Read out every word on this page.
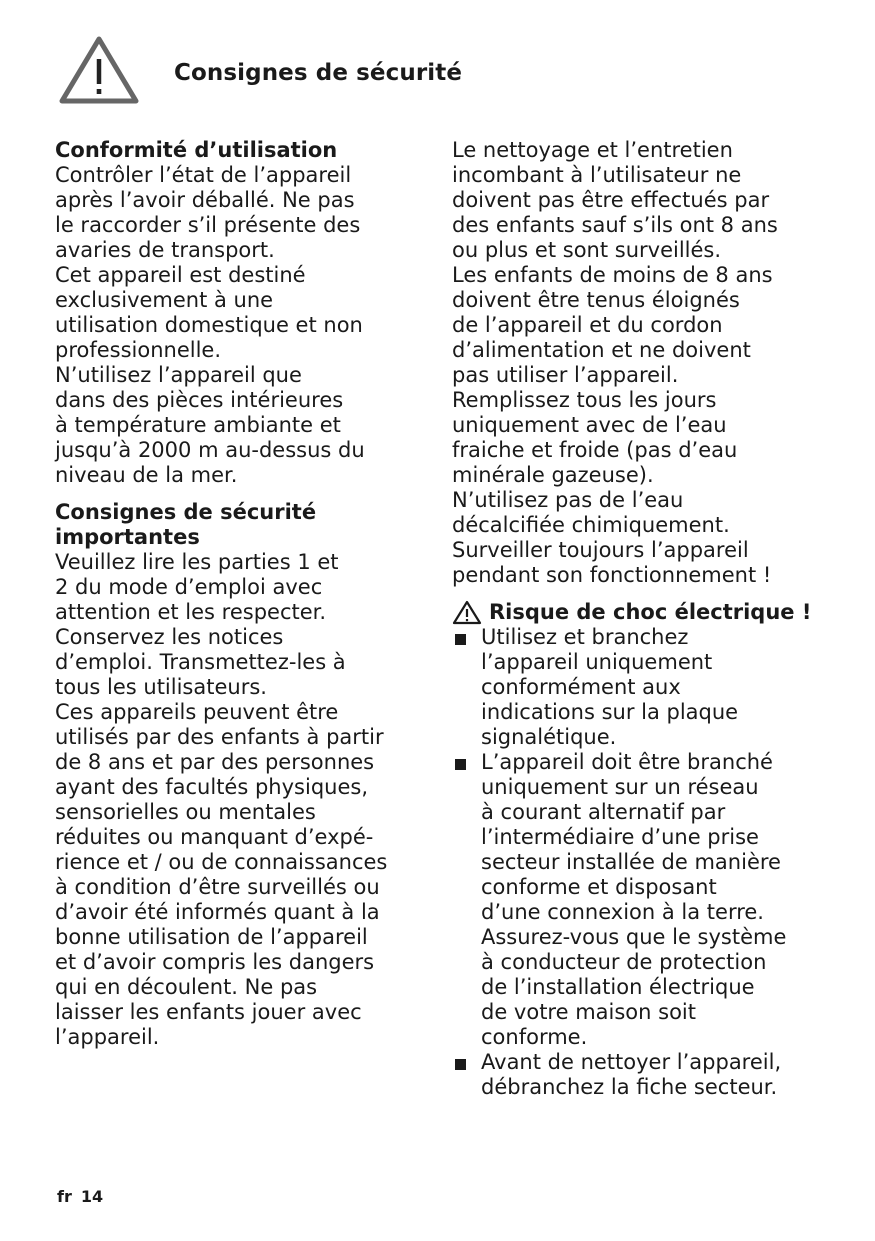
Consignes de sécurité
Conformité d’utilisation

Contrôler l’état de l’appareil
après l’avoir déballé. Ne pas
le raccorder s’il présente des
avaries de transport.
Cet appareil est destiné
exclusivement à une
utilisation domestique et non
professionnelle.
N’utilisez l’appareil que
dans des pièces intérieures
à température ambiante et
jusqu’à 2000 m au-dessus du
niveau de la mer.

Consignes de sécurité
importantes

Veuillez lire les parties 1 et
2 du mode d’emploi avec
attention et les respecter.
Conservez les notices
d’emploi. Transmettez-les à
tous les utilisateurs.
Ces appareils peuvent être
utilisés par des enfants à partir
de 8 ans et par des personnes
ayant des facultés physiques,
sensorielles ou mentales
réduites ou manquant d’expé-
rience et / ou de connaissances
à condition d’être surveillés ou
d’avoir été informés quant à la
bonne utilisation de l’appareil
et d’avoir compris les dangers
qui en découlent. Ne pas
laisser les enfants jouer avec
l’appareil.

Le nettoyage et l’entretien
incombant à l’utilisateur ne
doivent pas être effectués par
des enfants sauf s’ils ont 8 ans
ou plus et sont surveillés.
Les enfants de moins de 8 ans
doivent être tenus éloignés
de l’appareil et du cordon
d’alimentation et ne doivent
pas utiliser l’appareil.
Remplissez tous les jours
uniquement avec de l’eau
fraiche et froide (pas d’eau
minérale gazeuse).
N’utilisez pas de l’eau
décalcifiée chimiquement.
Surveiller toujours l’appareil
pendant son fonctionnement !

Risque de choc électrique !

Utilisez et branchez
l’appareil uniquement
conformément aux
indications sur la plaque
signalétique.

L’appareil doit être branché
uniquement sur un réseau
à courant alternatif par
l’intermédiaire d’une prise
secteur installée de manière
conforme et disposant
d’une connexion à la terre.
Assurez-vous que le système
à conducteur de protection
de l’installation électrique
de votre maison soit
conforme.

Avant de nettoyer l’appareil,
débranchez la fiche secteur.

fr 14
